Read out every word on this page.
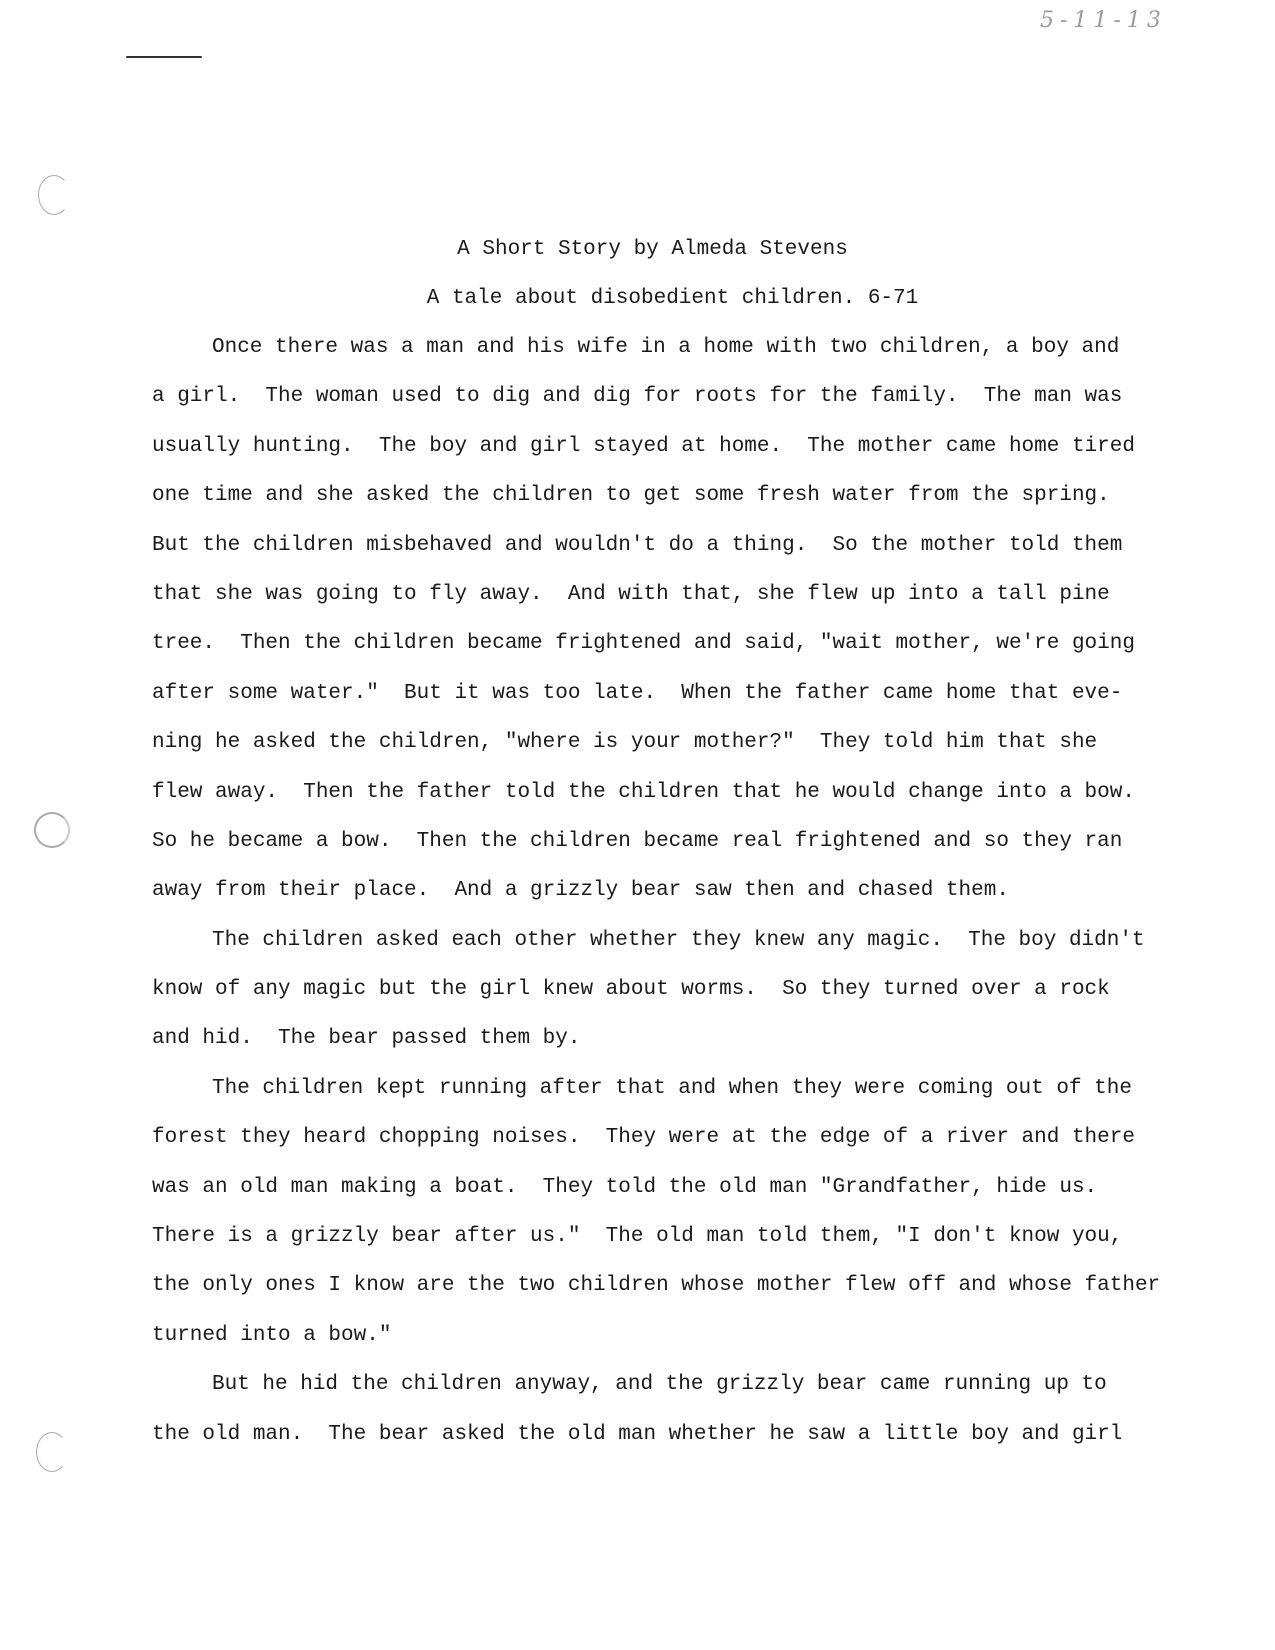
5-11-13
A Short Story by Almeda Stevens
A tale about disobedient children. 6-71
Once there was a man and his wife in a home with two children, a boy and
a girl.  The woman used to dig and dig for roots for the family.  The man was
usually hunting.  The boy and girl stayed at home.  The mother came home tired
one time and she asked the children to get some fresh water from the spring.
But the children misbehaved and wouldn't do a thing.  So the mother told them
that she was going to fly away.  And with that, she flew up into a tall pine
tree.  Then the children became frightened and said, "wait mother, we're going
after some water."  But it was too late.  When the father came home that eve-
ning he asked the children, "where is your mother?"  They told him that she
flew away.  Then the father told the children that he would change into a bow.
So he became a bow.  Then the children became real frightened and so they ran
away from their place.  And a grizzly bear saw then and chased them.
The children asked each other whether they knew any magic.  The boy didn't
know of any magic but the girl knew about worms.  So they turned over a rock
and hid.  The bear passed them by.
The children kept running after that and when they were coming out of the
forest they heard chopping noises.  They were at the edge of a river and there
was an old man making a boat.  They told the old man "Grandfather, hide us.
There is a grizzly bear after us."  The old man told them, "I don't know you,
the only ones I know are the two children whose mother flew off and whose father
turned into a bow."
But he hid the children anyway, and the grizzly bear came running up to
the old man.  The bear asked the old man whether he saw a little boy and girl
